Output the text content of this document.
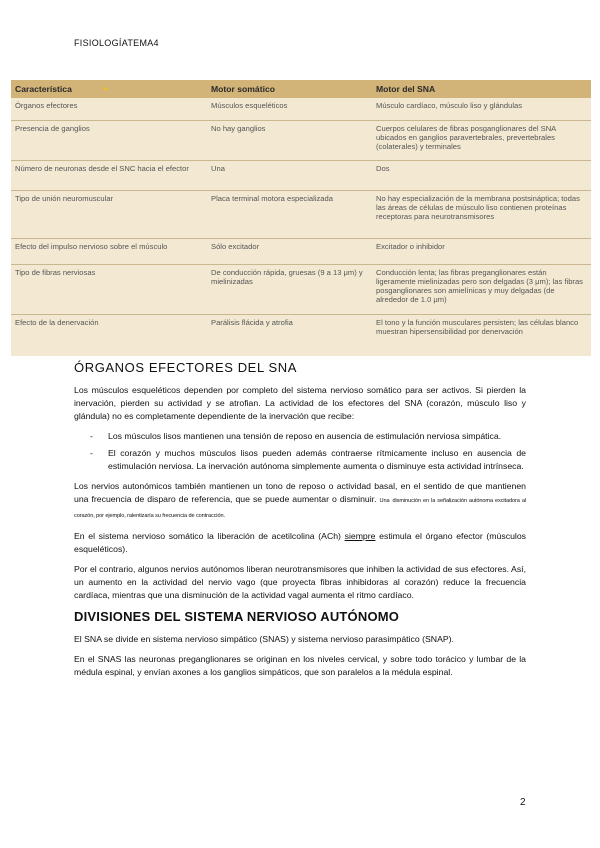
FISIOLOGÍATEMA4
Característica ✦	Motor somático	Motor del SNA
Órganos efectores	Músculos esqueléticos	Músculo cardíaco, músculo liso y glándulas
Presencia de ganglios	No hay ganglios	Cuerpos celulares de fibras posganglionares del SNA ubicados en ganglios paravertebrales, prevertebrales (colaterales) y terminales
Número de neuronas desde el SNC hacia el efector	Una	Dos
Tipo de unión neuromuscular	Placa terminal motora especializada	No hay especialización de la membrana postsináptica; todas las áreas de células de músculo liso contienen proteínas receptoras para neurotransmisores
Efecto del impulso nervioso sobre el músculo	Sólo excitador	Excitador o inhibidor
Tipo de fibras nerviosas	De conducción rápida, gruesas (9 a 13 μm) y mielinizadas	Conducción lenta; las fibras preganglionares están ligeramente mielinizadas pero son delgadas (3 μm); las fibras posganglionares son amielínicas y muy delgadas (de alrededor de 1.0 μm)
Efecto de la denervación	Parálisis flácida y atrofia	El tono y la función musculares persisten; las células blanco muestran hipersensibilidad por denervación
ÓRGANOS EFECTORES DEL SNA

Los músculos esqueléticos dependen por completo del sistema nervioso somático para ser activos. Si pierden la inervación, pierden su actividad y se atrofian. La actividad de los efectores del SNA (corazón, músculo liso y glándula) no es completamente dependiente de la inervación que recibe:

- Los músculos lisos mantienen una tensión de reposo en ausencia de estimulación nerviosa simpática.
- El corazón y muchos músculos lisos pueden además contraerse rítmicamente incluso en ausencia de estimulación nerviosa. La inervación autónoma simplemente aumenta o disminuye esta actividad intrínseca.

Los nervios autonómicos también mantienen un tono de reposo o actividad basal, en el sentido de que mantienen una frecuencia de disparo de referencia, que se puede aumentar o disminuir. Una disminución en la señalización autónoma excitadora al corazón, por ejemplo, ralentizaría su frecuencia de contracción.

En el sistema nervioso somático la liberación de acetilcolina (ACh) siempre estimula el órgano efector (músculos esqueléticos).

Por el contrario, algunos nervios autónomos liberan neurotransmisores que inhiben la actividad de sus efectores. Así, un aumento en la actividad del nervio vago (que proyecta fibras inhibidoras al corazón) reduce la frecuencia cardíaca, mientras que una disminución de la actividad vagal aumenta el ritmo cardíaco.

DIVISIONES DEL SISTEMA NERVIOSO AUTÓNOMO

El SNA se divide en sistema nervioso simpático (SNAS) y sistema nervioso parasimpático (SNAP).

En el SNAS las neuronas preganglionares se originan en los niveles cervical, y sobre todo torácico y lumbar de la médula espinal, y envían axones a los ganglios simpáticos, que son paralelos a la médula espinal.

2
